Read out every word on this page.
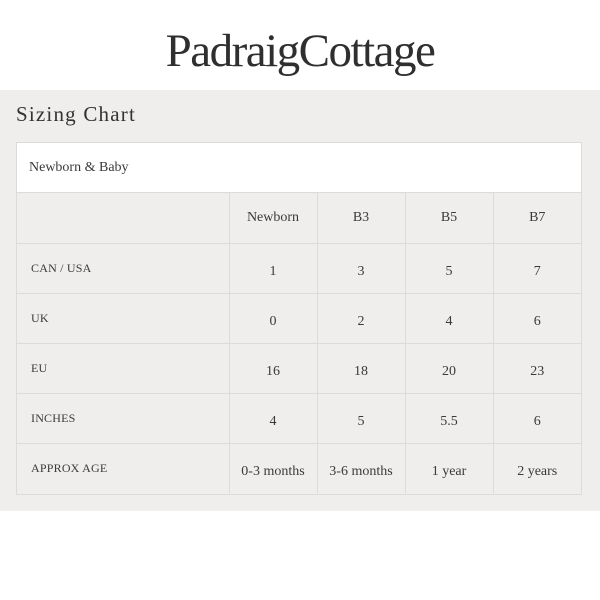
PadraigCottage
Sizing Chart
Newborn & Baby
	Newborn	B3	B5	B7
CAN / USA	1	3	5	7
UK	0	2	4	6
EU	16	18	20	23
INCHES	4	5	5.5	6
APPROX AGE	0-3 months	3-6 months	1 year	2 years
